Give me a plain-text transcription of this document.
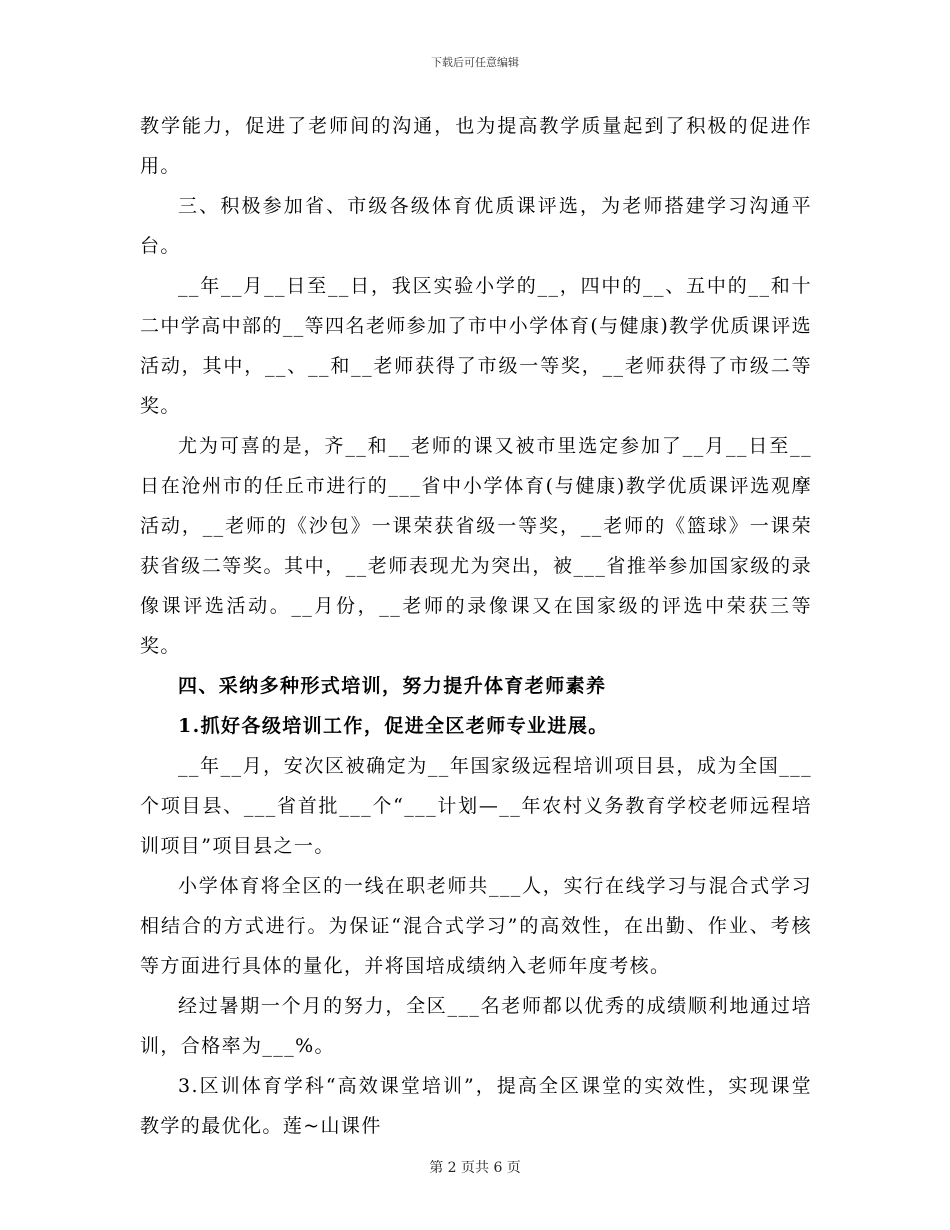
下载后可任意编辑

教学能力，促进了老师间的沟通，也为提高教学质量起到了积极的促进作用。

三、积极参加省、市级各级体育优质课评选，为老师搭建学习沟通平台。

__年__月__日至__日，我区实验小学的__，四中的__、五中的__和十二中学高中部的__等四名老师参加了市中小学体育(与健康)教学优质课评选活动，其中，__、__和__老师获得了市级一等奖，__老师获得了市级二等奖。

尤为可喜的是，齐__和__老师的课又被市里选定参加了__月__日至__日在沧州市的任丘市进行的___省中小学体育(与健康)教学优质课评选观摩活动，__老师的《沙包》一课荣获省级一等奖，__老师的《篮球》一课荣获省级二等奖。其中，__老师表现尤为突出，被___省推举参加国家级的录像课评选活动。__月份，__老师的录像课又在国家级的评选中荣获三等奖。

四、采纳多种形式培训，努力提升体育老师素养

1.抓好各级培训工作，促进全区老师专业进展。

__年__月，安次区被确定为__年国家级远程培训项目县，成为全国___个项目县、___省首批___个“___计划—__年农村义务教育学校老师远程培训项目”项目县之一。

小学体育将全区的一线在职老师共___人，实行在线学习与混合式学习相结合的方式进行。为保证“混合式学习”的高效性，在出勤、作业、考核等方面进行具体的量化，并将国培成绩纳入老师年度考核。

经过暑期一个月的努力，全区___名老师都以优秀的成绩顺利地通过培训，合格率为___%。

3.区训体育学科“高效课堂培训”，提高全区课堂的实效性，实现课堂教学的最优化。莲~山课件

第 2 页共 6 页
